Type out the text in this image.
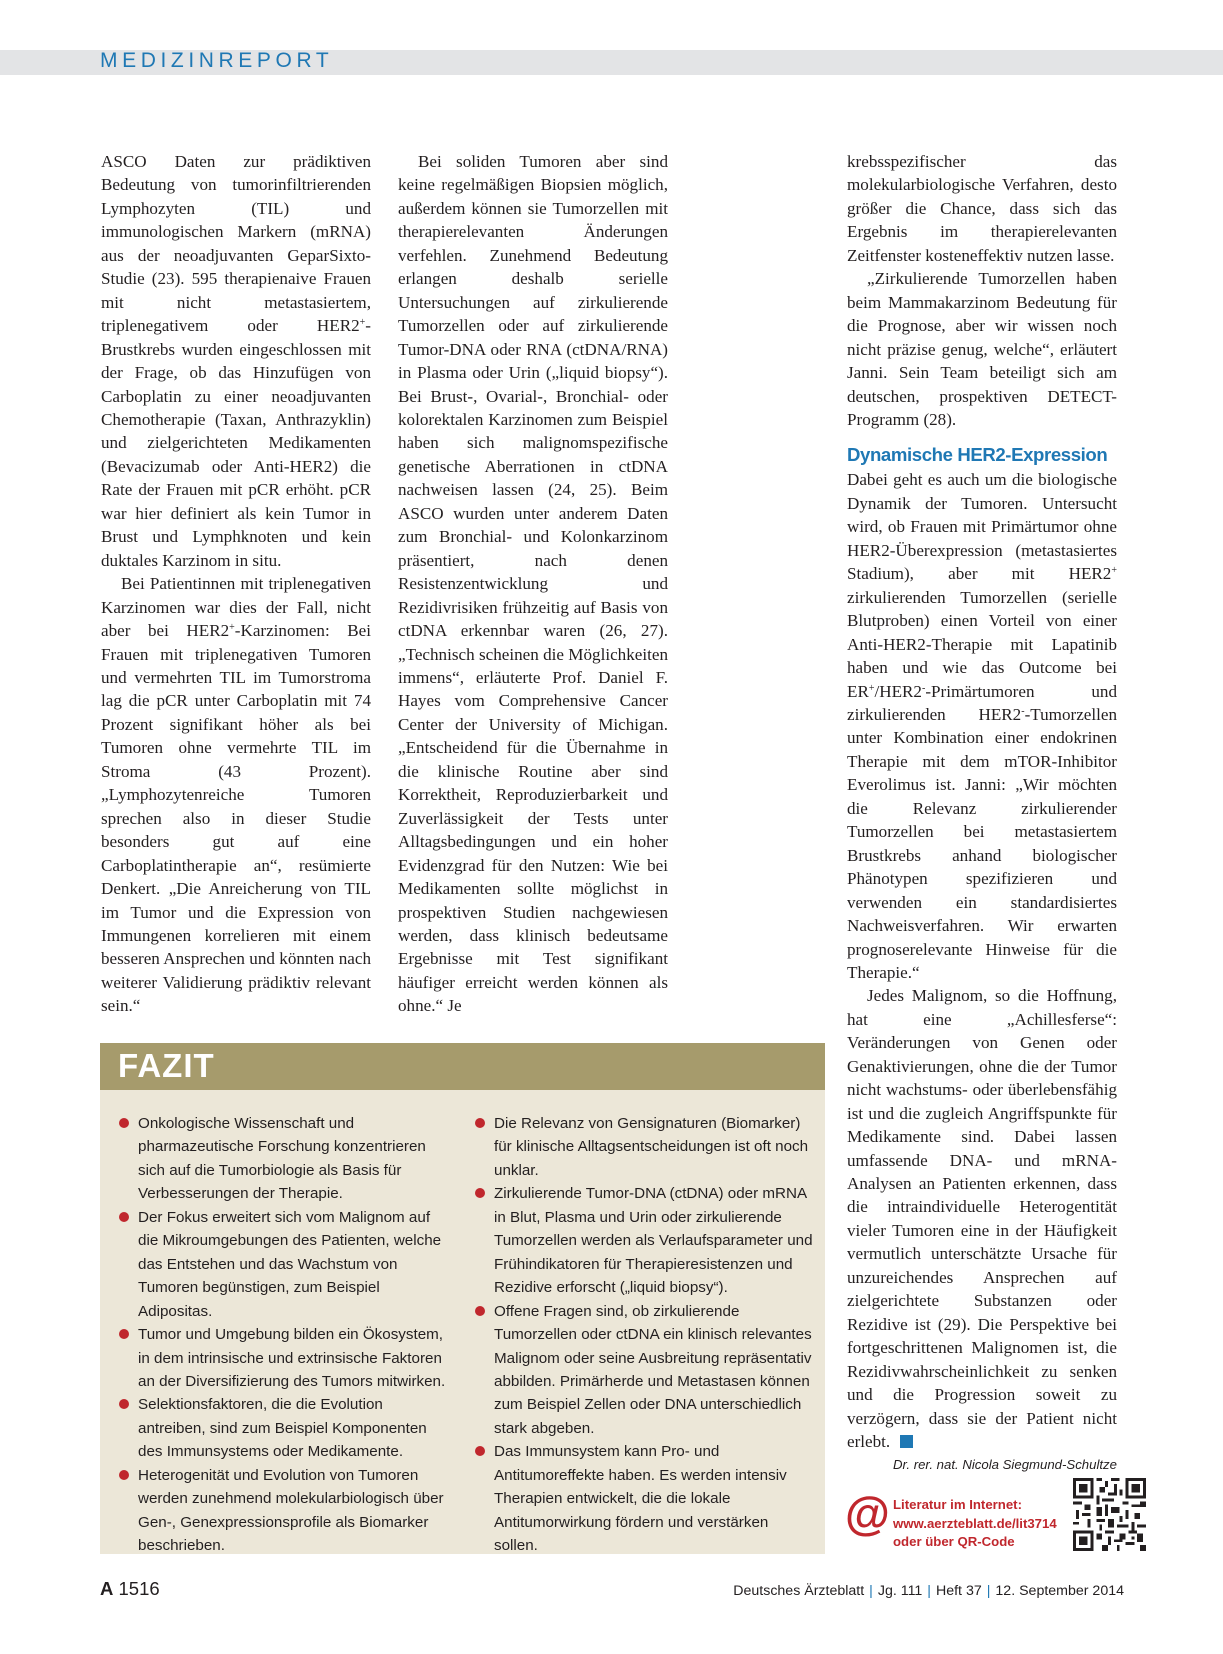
MEDIZINREPORT

ASCO Daten zur prädiktiven Bedeutung von tumorinfiltrierenden Lymphozyten (TIL) und immunologischen Markern (mRNA) aus der neoadjuvanten GeparSixto-Studie (23). 595 therapienaive Frauen mit nicht metastasiertem, triplenegativem oder HER2+-Brustkrebs wurden eingeschlossen mit der Frage, ob das Hinzufügen von Carboplatin zu einer neoadjuvanten Chemotherapie (Taxan, Anthrazyklin) und zielgerichteten Medikamenten (Bevacizumab oder Anti-HER2) die Rate der Frauen mit pCR erhöht. pCR war hier definiert als kein Tumor in Brust und Lymphknoten und kein duktales Karzinom in situ.

Bei Patientinnen mit triplenegativen Karzinomen war dies der Fall, nicht aber bei HER2+-Karzinomen: Bei Frauen mit triplenegativen Tumoren und vermehrten TIL im Tumorstroma lag die pCR unter Carboplatin mit 74 Prozent signifikant höher als bei Tumoren ohne vermehrte TIL im Stroma (43 Prozent). „Lymphozytenreiche Tumoren sprechen also in dieser Studie besonders gut auf eine Carboplatintherapie an“, resümierte Denkert. „Die Anreicherung von TIL im Tumor und die Expression von Immungenen korrelieren mit einem besseren Ansprechen und könnten nach weiterer Validierung prädiktiv relevant sein.“

Bei soliden Tumoren aber sind keine regelmäßigen Biopsien möglich, außerdem können sie Tumorzellen mit therapierelevanten Änderungen verfehlen. Zunehmend Bedeutung erlangen deshalb serielle Untersuchungen auf zirkulierende Tumorzellen oder auf zirkulierende Tumor-DNA oder RNA (ctDNA/RNA) in Plasma oder Urin („liquid biopsy“). Bei Brust-, Ovarial-, Bronchial- oder kolorektalen Karzinomen zum Beispiel haben sich malignomspezifische genetische Aberrationen in ctDNA nachweisen lassen (24, 25). Beim ASCO wurden unter anderem Daten zum Bronchial- und Kolonkarzinom präsentiert, nach denen Resistenzentwicklung und Rezidivrisiken frühzeitig auf Basis von ctDNA erkennbar waren (26, 27). „Technisch scheinen die Möglichkeiten immens“, erläuterte Prof. Daniel F. Hayes vom Comprehensive Cancer Center der University of Michigan. „Entscheidend für die Übernahme in die klinische Routine aber sind Korrektheit, Reproduzierbarkeit und Zuverlässigkeit der Tests unter Alltagsbedingungen und ein hoher Evidenzgrad für den Nutzen: Wie bei Medikamenten sollte möglichst in prospektiven Studien nachgewiesen werden, dass klinisch bedeutsame Ergebnisse mit Test signifikant häufiger erreicht werden können als ohne.“ Je

krebsspezifischer das molekularbiologische Verfahren, desto größer die Chance, dass sich das Ergebnis im therapierelevanten Zeitfenster kosteneffektiv nutzen lasse.

„Zirkulierende Tumorzellen haben beim Mammakarzinom Bedeutung für die Prognose, aber wir wissen noch nicht präzise genug, welche“, erläutert Janni. Sein Team beteiligt sich am deutschen, prospektiven DETECT-Programm (28).

Dynamische HER2-Expression

Dabei geht es auch um die biologische Dynamik der Tumoren. Untersucht wird, ob Frauen mit Primärtumor ohne HER2-Überexpression (metastasiertes Stadium), aber mit HER2+ zirkulierenden Tumorzellen (serielle Blutproben) einen Vorteil von einer Anti-HER2-Therapie mit Lapatinib haben und wie das Outcome bei ER+/HER2--Primärtumoren und zirkulierenden HER2--Tumorzellen unter Kombination einer endokrinen Therapie mit dem mTOR-Inhibitor Everolimus ist. Janni: „Wir möchten die Relevanz zirkulierender Tumorzellen bei metastasiertem Brustkrebs anhand biologischer Phänotypen spezifizieren und verwenden ein standardisiertes Nachweisverfahren. Wir erwarten prognoserelevante Hinweise für die Therapie.“

Jedes Malignom, so die Hoffnung, hat eine „Achillesferse“: Veränderungen von Genen oder Genaktivierungen, ohne die der Tumor nicht wachstums- oder überlebensfähig ist und die zugleich Angriffspunkte für Medikamente sind. Dabei lassen umfassende DNA- und mRNA-Analysen an Patienten erkennen, dass die intraindividuelle Heterogentität vieler Tumoren eine in der Häufigkeit vermutlich unterschätzte Ursache für unzureichendes Ansprechen auf zielgerichtete Substanzen oder Rezidive ist (29). Die Perspektive bei fortgeschrittenen Malignomen ist, die Rezidivwahrscheinlichkeit zu senken und die Progression soweit zu verzögern, dass sie der Patient nicht erlebt.

Dr. rer. nat. Nicola Siegmund-Schultze
FAZIT
Onkologische Wissenschaft und pharmazeutische Forschung konzentrieren sich auf die Tumorbiologie als Basis für Verbesserungen der Therapie.
Der Fokus erweitert sich vom Malignom auf die Mikroumgebungen des Patienten, welche das Entstehen und das Wachstum von Tumoren begünstigen, zum Beispiel Adipositas.
Tumor und Umgebung bilden ein Ökosystem, in dem intrinsische und extrinsische Faktoren an der Diversifizierung des Tumors mitwirken.
Selektionsfaktoren, die die Evolution antreiben, sind zum Beispiel Komponenten des Immunsystems oder Medikamente.
Heterogenität und Evolution von Tumoren werden zunehmend molekularbiologisch über Gen-, Genexpressionsprofile als Biomarker beschrieben.
Die Relevanz von Gensignaturen (Biomarker) für klinische Alltagsentscheidungen ist oft noch unklar.
Zirkulierende Tumor-DNA (ctDNA) oder mRNA in Blut, Plasma und Urin oder zirkulierende Tumorzellen werden als Verlaufsparameter und Frühindikatoren für Therapieresistenzen und Rezidive erforscht („liquid biopsy“).
Offene Fragen sind, ob zirkulierende Tumorzellen oder ctDNA ein klinisch relevantes Malignom oder seine Ausbreitung repräsentativ abbilden. Primärherde und Metastasen können zum Beispiel Zellen oder DNA unterschiedlich stark abgeben.
Das Immunsystem kann Pro- und Antitumoreffekte haben. Es werden intensiv Therapien entwickelt, die die lokale Antitumorwirkung fördern und verstärken sollen.
@ Literatur im Internet:
www.aerzteblatt.de/lit3714
oder über QR-Code
A 1516	Deutsches Ärzteblatt | Jg. 111 | Heft 37 | 12. September 2014
